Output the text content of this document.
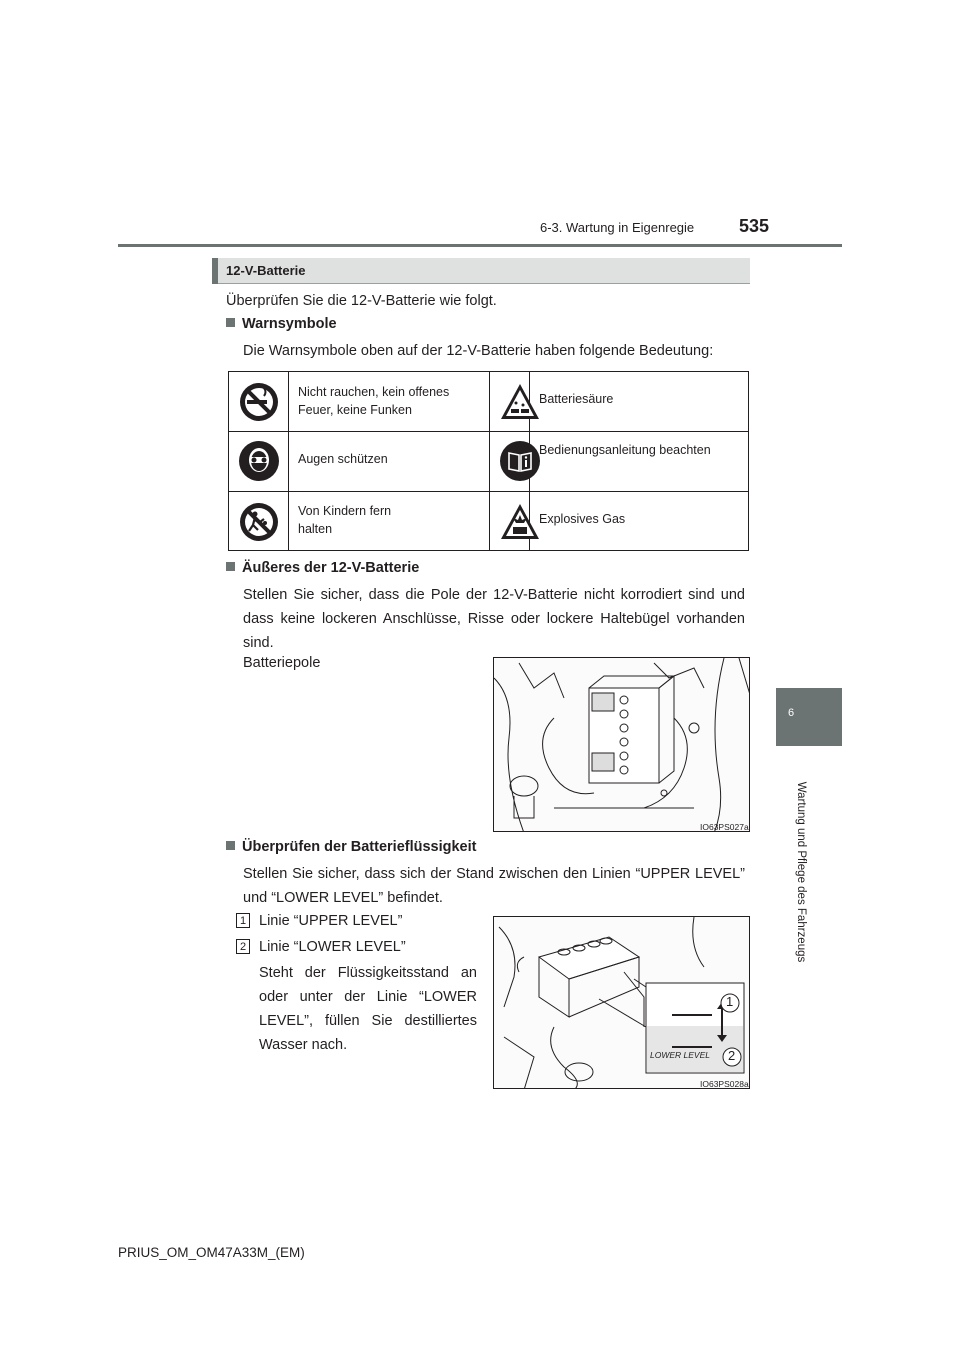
6-3. Wartung in Eigenregie 535
6
Wartung und Pflege des Fahrzeugs
12-V-Batterie
Überprüfen Sie die 12-V-Batterie wie folgt.
Warnsymbole
Die Warnsymbole oben auf der 12-V-Batterie haben folgende Bedeutung:
Nicht rauchen, kein offenes Feuer, keine Funken
Batteriesäure
Augen schützen
Bedienungsanleitung beachten
Von Kindern fern halten
Explosives Gas
Äußeres der 12-V-Batterie
Stellen Sie sicher, dass die Pole der 12-V-Batterie nicht korrodiert sind und dass keine lockeren Anschlüsse, Risse oder lockere Haltebügel vorhanden sind.
Batteriepole
IO63PS027a
Überprüfen der Batterieflüssigkeit
Stellen Sie sicher, dass sich der Stand zwischen den Linien “UPPER LEVEL” und “LOWER LEVEL” befindet.
1 Linie “UPPER LEVEL”
2 Linie “LOWER LEVEL”
Steht der Flüssigkeitsstand an oder unter der Linie “LOWER LEVEL”, füllen Sie destilliertes Wasser nach.
1
2
LOWER LEVEL
IO63PS028a
PRIUS_OM_OM47A33M_(EM)
